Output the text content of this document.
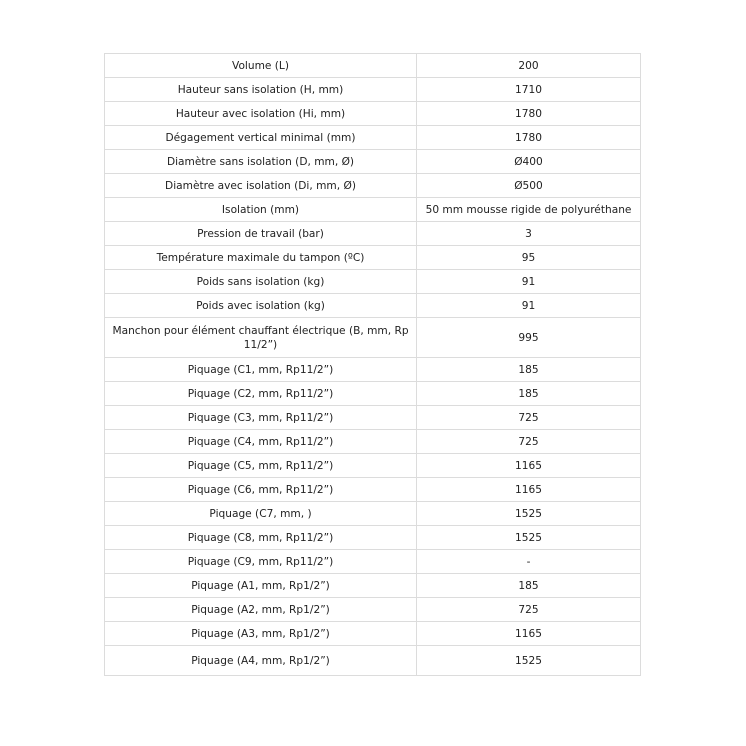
Volume (L)	200
Hauteur sans isolation (H, mm)	1710
Hauteur avec isolation (Hi, mm)	1780
Dégagement vertical minimal (mm)	1780
Diamètre sans isolation (D, mm, Ø)	Ø400
Diamètre avec isolation (Di, mm, Ø)	Ø500
Isolation (mm)	50 mm mousse rigide de polyuréthane
Pression de travail (bar)	3
Température maximale du tampon (ºC)	95
Poids sans isolation (kg)	91
Poids avec isolation (kg)	91
Manchon pour élément chauffant électrique (B, mm, Rp 11/2”)	995
Piquage (C1, mm, Rp11/2”)	185
Piquage (C2, mm, Rp11/2”)	185
Piquage (C3, mm, Rp11/2”)	725
Piquage (C4, mm, Rp11/2”)	725
Piquage (C5, mm, Rp11/2”)	1165
Piquage (C6, mm, Rp11/2”)	1165
Piquage (C7, mm, )	1525
Piquage (C8, mm, Rp11/2”)	1525
Piquage (C9, mm, Rp11/2”)	-
Piquage (A1, mm, Rp1/2”)	185
Piquage (A2, mm, Rp1/2”)	725
Piquage (A3, mm, Rp1/2”)	1165
Piquage (A4, mm, Rp1/2”)	1525
